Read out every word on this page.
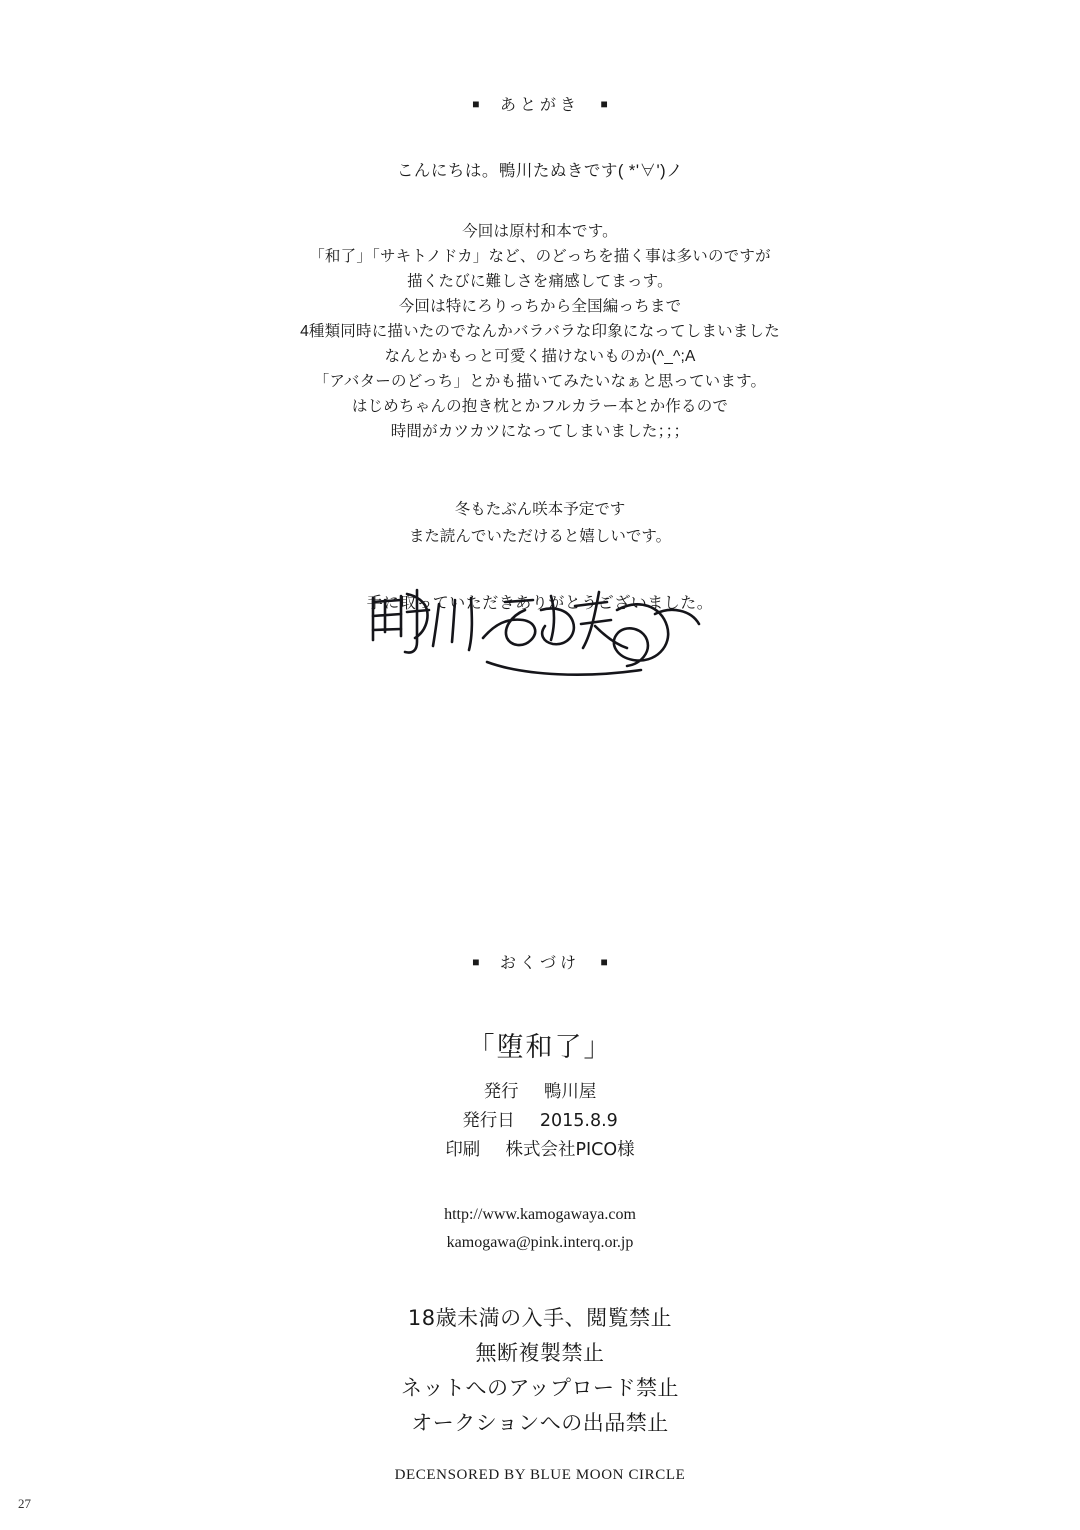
■ あとがき ■
こんにちは。鴨川たぬきです( *'∀')ノ
今回は原村和本です。
「和了」「サキトノドカ」など、のどっちを描く事は多いのですが
描くたびに難しさを痛感してまっす。
今回は特にろりっちから全国編っちまで
4種類同時に描いたのでなんかバラバラな印象になってしまいました
なんとかもっと可愛く描けないものか(^_^;A
「アバターのどっち」とかも描いてみたいなぁと思っています。
はじめちゃんの抱き枕とかフルカラー本とか作るので
時間がカツカツになってしまいました；；；
冬もたぶん咲本予定です
また読んでいただけると嬉しいです。
手に取っていただきありがとうございました。
■ おくづけ ■
「堕和了」
発行 鴨川屋
発行日 2015.8.9
印刷 株式会社PICO様
http://www.kamogawaya.com
kamogawa@pink.interq.or.jp
18歳未満の入手、閲覧禁止
無断複製禁止
ネットへのアップロード禁止
オークションへの出品禁止
DECENSORED BY BLUE MOON CIRCLE
27
